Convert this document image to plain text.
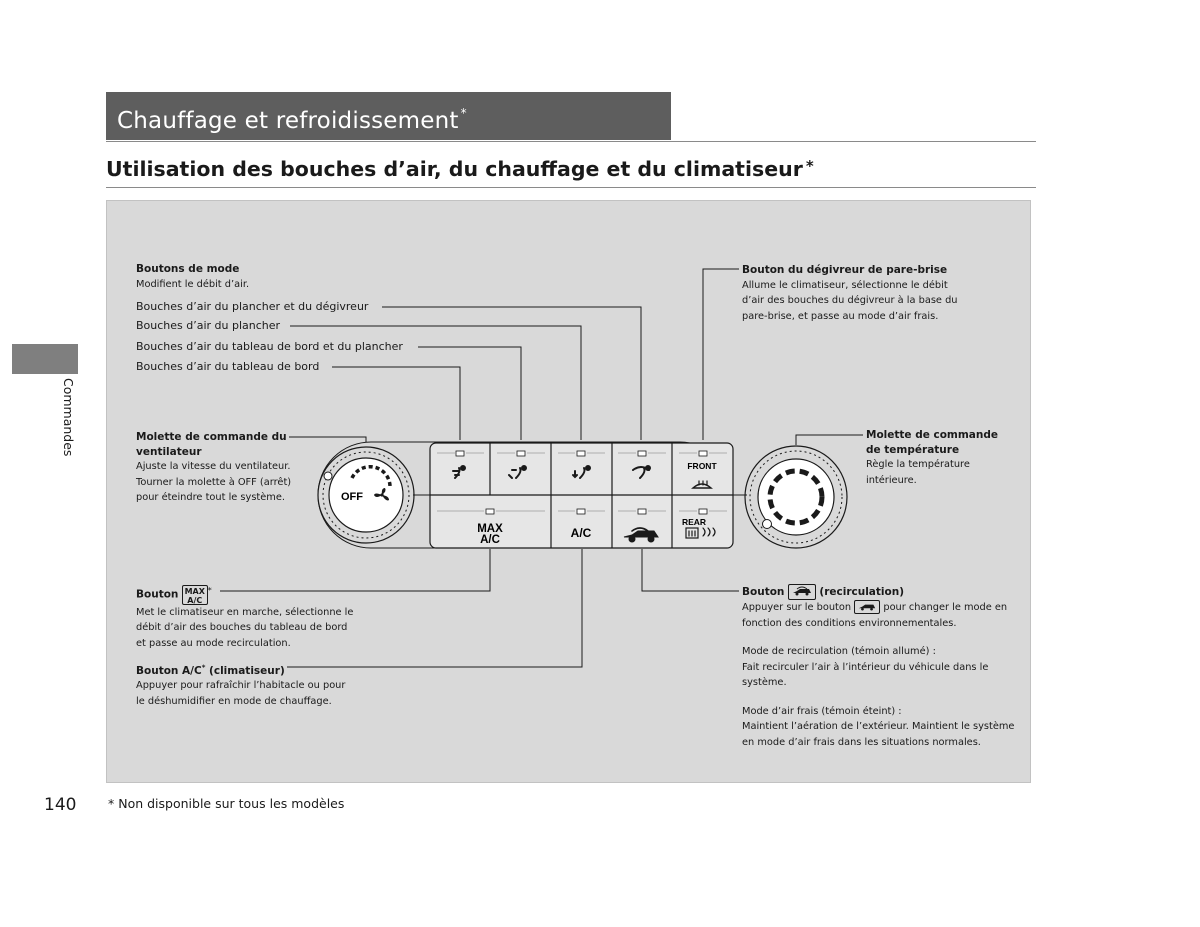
Chauffage et refroidissement *
Utilisation des bouches d’air, du chauffage et du climatiseur *
Commandes
FRONT
REAR
MAX
A/C	A/C
OFF
Boutons de mode
Modifient le débit d’air.
Bouches d’air du plancher et du dégivreur
Bouches d’air du plancher
Bouches d’air du tableau de bord et du plancher
Bouches d’air du tableau de bord
Molette de commande du
ventilateur
Ajuste la vitesse du ventilateur.
Tourner la molette à OFF (arrêt)
pour éteindre tout le système.
Bouton MAX
A/C*
Met le climatiseur en marche, sélectionne le
débit d’air des bouches du tableau de bord
et passe au mode recirculation.
Bouton A/C* (climatiseur)
Appuyer pour rafraîchir l’habitacle ou pour
le déshumidifier en mode de chauffage.
Bouton du dégivreur de pare-brise
Allume le climatiseur, sélectionne le débit
d’air des bouches du dégivreur à la base du
pare-brise, et passe au mode d’air frais.
Molette de commande
de température
Règle la température
intérieure.
Bouton	(recirculation)
Appuyer sur le bouton	pour changer le mode en
fonction des conditions environnementales.
Mode de recirculation (témoin allumé) :
Fait recirculer l’air à l’intérieur du véhicule dans le
système.
Mode d’air frais (témoin éteint) :
Maintient l’aération de l’extérieur. Maintient le système
en mode d’air frais dans les situations normales.
140	* Non disponible sur tous les modèles
